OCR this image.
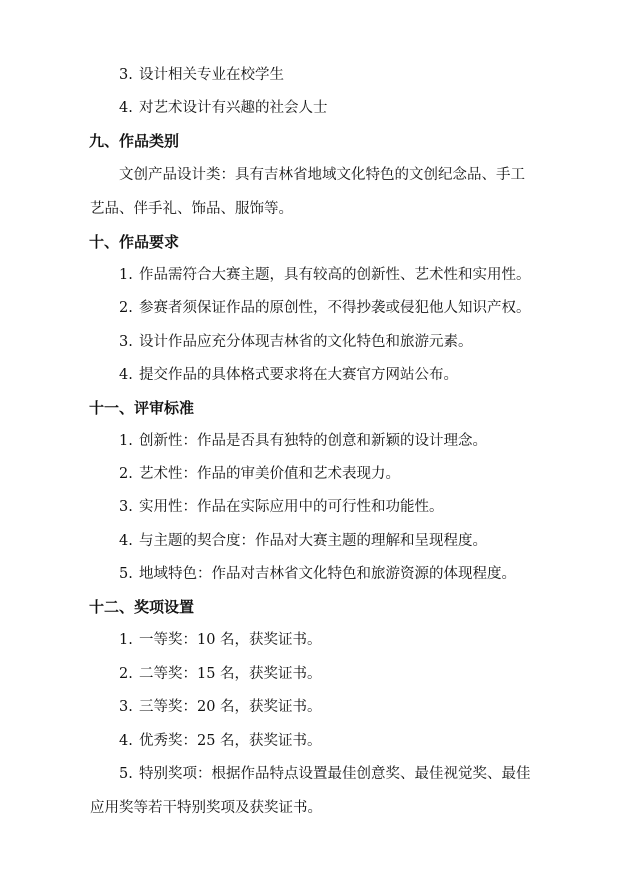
3. 设计相关专业在校学生
4. 对艺术设计有兴趣的社会人士
九、作品类别
文创产品设计类：具有吉林省地域文化特色的文创纪念品、手工
艺品、伴手礼、饰品、服饰等。
十、作品要求
1. 作品需符合大赛主题，具有较高的创新性、艺术性和实用性。
2. 参赛者须保证作品的原创性，不得抄袭或侵犯他人知识产权。
3. 设计作品应充分体现吉林省的文化特色和旅游元素。
4. 提交作品的具体格式要求将在大赛官方网站公布。
十一、评审标准
1. 创新性：作品是否具有独特的创意和新颖的设计理念。
2. 艺术性：作品的审美价值和艺术表现力。
3. 实用性：作品在实际应用中的可行性和功能性。
4. 与主题的契合度：作品对大赛主题的理解和呈现程度。
5. 地域特色：作品对吉林省文化特色和旅游资源的体现程度。
十二、奖项设置
1. 一等奖：10 名，获奖证书。
2. 二等奖：15 名，获奖证书。
3. 三等奖：20 名，获奖证书。
4. 优秀奖：25 名，获奖证书。
5. 特别奖项：根据作品特点设置最佳创意奖、最佳视觉奖、最佳
应用奖等若干特别奖项及获奖证书。
